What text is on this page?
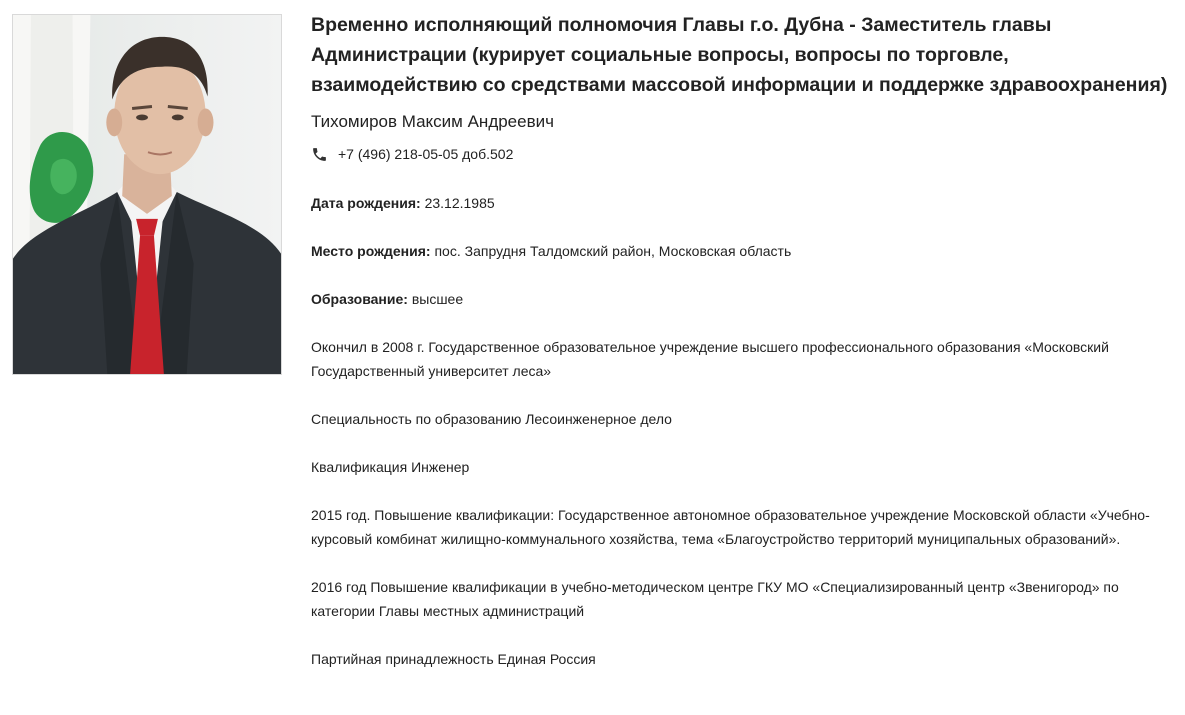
Временно исполняющий полномочия Главы г.о. Дубна - Заместитель главы Администрации (курирует социальные вопросы, вопросы по торговле, взаимодействию со средствами массовой информации и поддержке здравоохранения)
Тихомиров Максим Андреевич
+7 (496) 218-05-05 доб.502
Дата рождения: 23.12.1985
Место рождения: пос. Запрудня Талдомский район, Московская область
Образование: высшее
Окончил в 2008 г. Государственное образовательное учреждение высшего профессионального образования «Московский Государственный университет леса»
Специальность по образованию Лесоинженерное дело
Квалификация Инженер
2015 год. Повышение квалификации: Государственное автономное образовательное учреждение Московской области «Учебно-курсовый комбинат жилищно-коммунального хозяйства, тема «Благоустройство территорий муниципальных образований».
2016 год Повышение квалификации в учебно-методическом центре ГКУ МО «Специализированный центр «Звенигород» по категории Главы местных администраций
Партийная принадлежность Единая Россия
